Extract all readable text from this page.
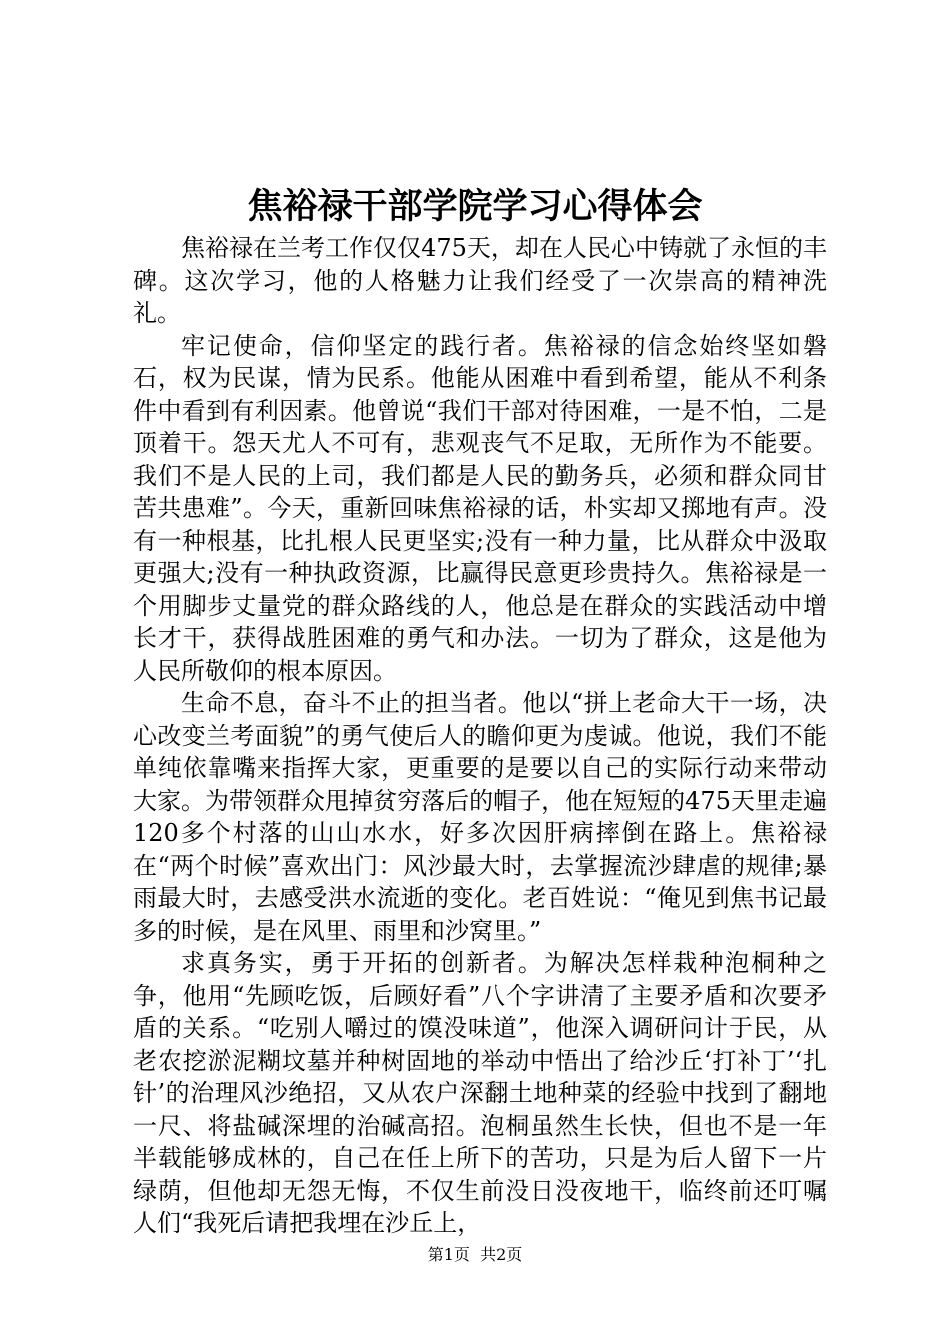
焦裕禄干部学院学习心得体会

焦裕禄在兰考工作仅仅475天，却在人民心中铸就了永恒的丰碑。这次学习，他的人格魅力让我们经受了一次崇高的精神洗礼。

牢记使命，信仰坚定的践行者。焦裕禄的信念始终坚如磐石，权为民谋，情为民系。他能从困难中看到希望，能从不利条件中看到有利因素。他曾说“我们干部对待困难，一是不怕，二是顶着干。怨天尤人不可有，悲观丧气不足取，无所作为不能要。我们不是人民的上司，我们都是人民的勤务兵，必须和群众同甘苦共患难”。今天，重新回味焦裕禄的话，朴实却又掷地有声。没有一种根基，比扎根人民更坚实;没有一种力量，比从群众中汲取更强大;没有一种执政资源，比赢得民意更珍贵持久。焦裕禄是一个用脚步丈量党的群众路线的人，他总是在群众的实践活动中增长才干，获得战胜困难的勇气和办法。一切为了群众，这是他为人民所敬仰的根本原因。

生命不息，奋斗不止的担当者。他以“拼上老命大干一场，决心改变兰考面貌”的勇气使后人的瞻仰更为虔诚。他说，我们不能单纯依靠嘴来指挥大家，更重要的是要以自己的实际行动来带动大家。为带领群众甩掉贫穷落后的帽子，他在短短的475天里走遍120多个村落的山山水水，好多次因肝病摔倒在路上。焦裕禄在“两个时候”喜欢出门：风沙最大时，去掌握流沙肆虐的规律;暴雨最大时，去感受洪水流逝的变化。老百姓说：“俺见到焦书记最多的时候，是在风里、雨里和沙窝里。”

求真务实，勇于开拓的创新者。为解决怎样栽种泡桐种之争，他用“先顾吃饭，后顾好看”八个字讲清了主要矛盾和次要矛盾的关系。“吃别人嚼过的馍没味道”，他深入调研问计于民，从老农挖淤泥糊坟墓并种树固地的举动中悟出了给沙丘‘打补丁’‘扎针’的治理风沙绝招，又从农户深翻土地种菜的经验中找到了翻地一尺、将盐碱深埋的治碱高招。泡桐虽然生长快，但也不是一年半载能够成林的，自己在任上所下的苦功，只是为后人留下一片绿荫，但他却无怨无悔，不仅生前没日没夜地干，临终前还叮嘱人们“我死后请把我埋在沙丘上，

第1页 共2页
